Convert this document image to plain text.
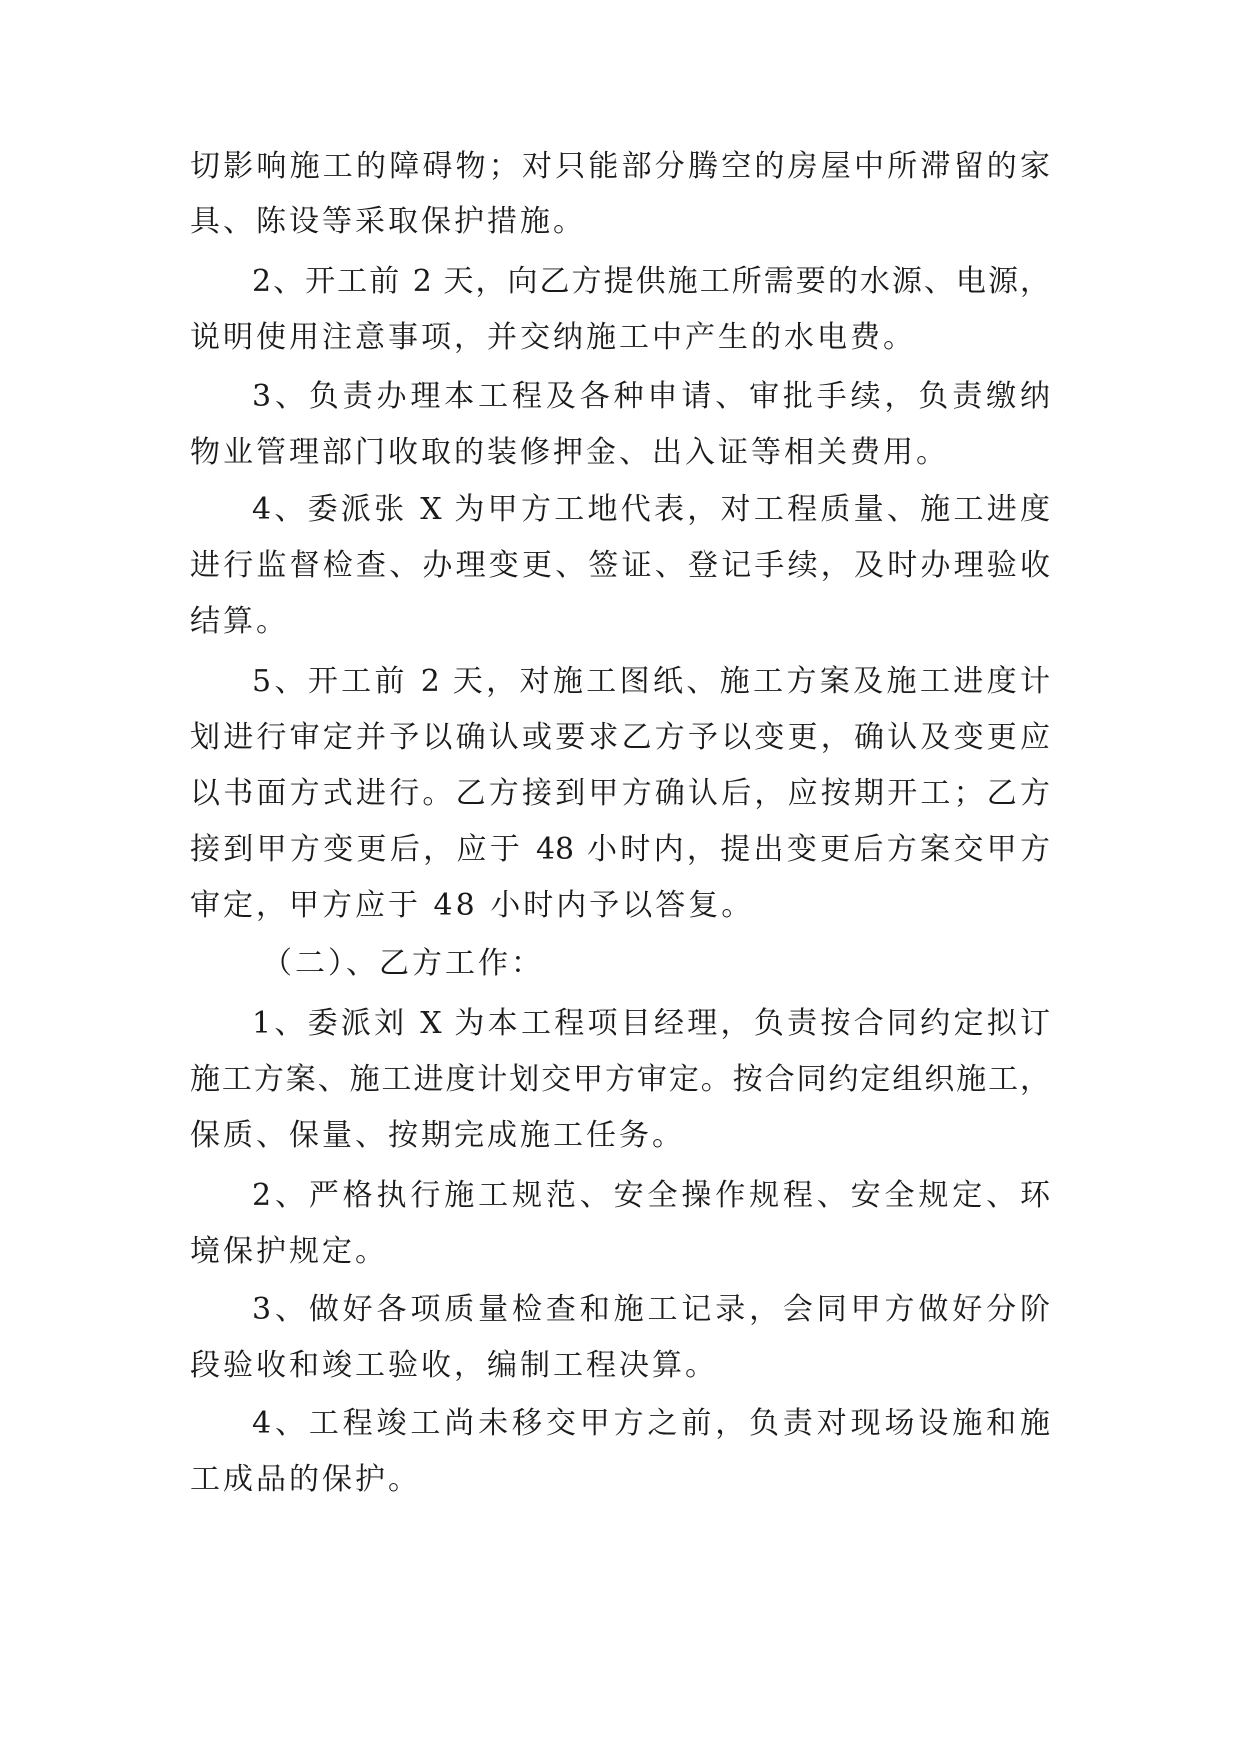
切影响施工的障碍物；对只能部分腾空的房屋中所滞留的家
具、陈设等采取保护措施。
2、开工前 2 天，向乙方提供施工所需要的水源、电源，
说明使用注意事项，并交纳施工中产生的水电费。
3、负责办理本工程及各种申请、审批手续，负责缴纳
物业管理部门收取的装修押金、出入证等相关费用。
4、委派张 X 为甲方工地代表，对工程质量、施工进度
进行监督检查、办理变更、签证、登记手续，及时办理验收
结算。
5、开工前 2 天，对施工图纸、施工方案及施工进度计
划进行审定并予以确认或要求乙方予以变更，确认及变更应
以书面方式进行。乙方接到甲方确认后，应按期开工；乙方
接到甲方变更后，应于 48 小时内，提出变更后方案交甲方
审定，甲方应于 48 小时内予以答复。
（二）、乙方工作：
1、委派刘 X 为本工程项目经理，负责按合同约定拟订
施工方案、施工进度计划交甲方审定。按合同约定组织施工，
保质、保量、按期完成施工任务。
2、严格执行施工规范、安全操作规程、安全规定、环
境保护规定。
3、做好各项质量检查和施工记录，会同甲方做好分阶
段验收和竣工验收，编制工程决算。
4、工程竣工尚未移交甲方之前，负责对现场设施和施
工成品的保护。
